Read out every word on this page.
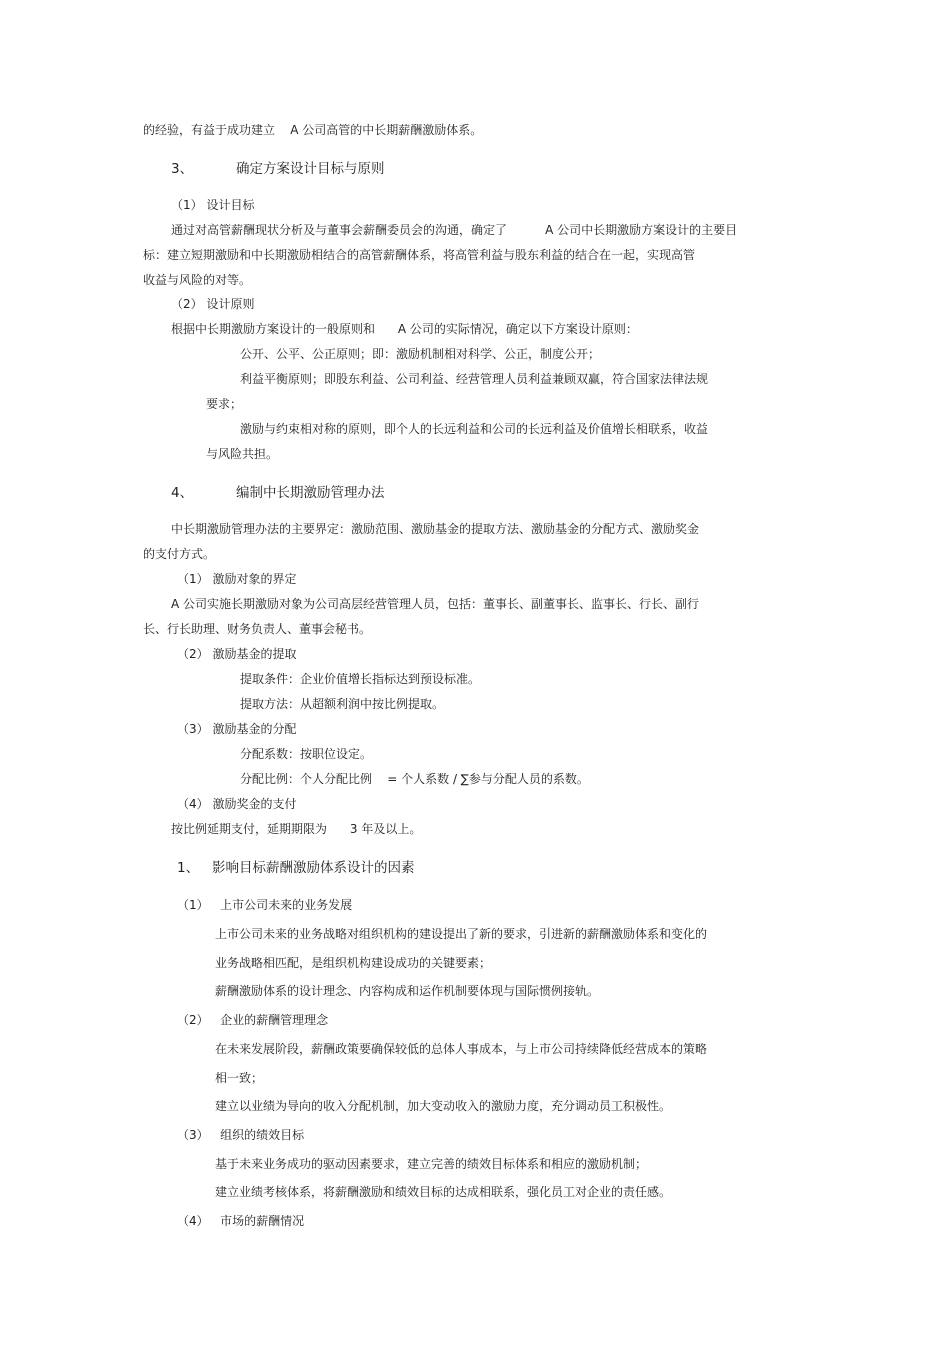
的经验，有益于成功建立    A 公司高管的中长期薪酬激励体系。
3、          确定方案设计目标与原则
（1） 设计目标
通过对高管薪酬现状分析及与董事会薪酬委员会的沟通，确定了          A 公司中长期激励方案设计的主要目
标：建立短期激励和中长期激励相结合的高管薪酬体系，将高管利益与股东利益的结合在一起，实现高管
收益与风险的对等。
（2） 设计原则
根据中长期激励方案设计的一般原则和      A 公司的实际情况，确定以下方案设计原则：
公开、公平、公正原则；即：激励机制相对科学、公正，制度公开；
利益平衡原则；即股东利益、公司利益、经营管理人员利益兼顾双赢，符合国家法律法规
要求；
激励与约束相对称的原则，即个人的长远利益和公司的长远利益及价值增长相联系，收益
与风险共担。
4、          编制中长期激励管理办法
中长期激励管理办法的主要界定：激励范围、激励基金的提取方法、激励基金的分配方式、激励奖金
的支付方式。
（1） 激励对象的界定
A 公司实施长期激励对象为公司高层经营管理人员，包括：董事长、副董事长、监事长、行长、副行
长、行长助理、财务负责人、董事会秘书。
（2） 激励基金的提取
提取条件：企业价值增长指标达到预设标准。
提取方法：从超额利润中按比例提取。
（3） 激励基金的分配
分配系数：按职位设定。
分配比例：个人分配比例    = 个人系数 / ∑参与分配人员的系数。
（4） 激励奖金的支付
按比例延期支付，延期期限为      3 年及以上。
1、   影响目标薪酬激励体系设计的因素
（1）   上市公司未来的业务发展
上市公司未来的业务战略对组织机构的建设提出了新的要求，引进新的薪酬激励体系和变化的
业务战略相匹配，是组织机构建设成功的关键要素；
薪酬激励体系的设计理念、内容构成和运作机制要体现与国际惯例接轨。
（2）   企业的薪酬管理理念
在未来发展阶段，薪酬政策要确保较低的总体人事成本，与上市公司持续降低经营成本的策略
相一致；
建立以业绩为导向的收入分配机制，加大变动收入的激励力度，充分调动员工积极性。
（3）   组织的绩效目标
基于未来业务成功的驱动因素要求，建立完善的绩效目标体系和相应的激励机制；
建立业绩考核体系，将薪酬激励和绩效目标的达成相联系，强化员工对企业的责任感。
（4）   市场的薪酬情况
